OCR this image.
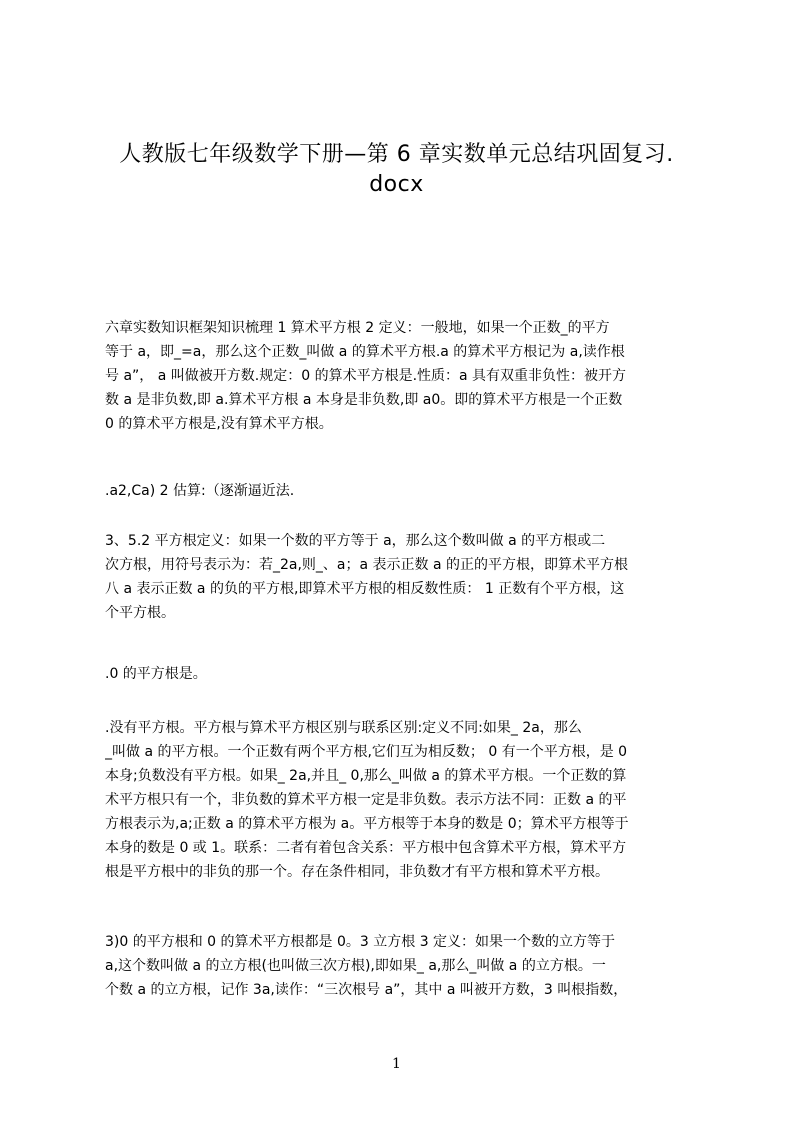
人教版七年级数学下册—第 6 章实数单元总结巩固复习.
docx
六章实数知识框架知识梳理 1 算术平方根 2 定义：一般地，如果一个正数_的平方
等于 a，即_=a，那么这个正数_叫做 a 的算术平方根.a 的算术平方根记为 a,读作根
号 a”， a 叫做被开方数.规定：0 的算术平方根是.性质：a 具有双重非负性：被开方
数 a 是非负数,即 a.算术平方根 a 本身是非负数,即 a0。即的算术平方根是一个正数
0 的算术平方根是,没有算术平方根。
.a2,Ca) 2 估算:（逐渐逼近法.
3、5.2 平方根定义：如果一个数的平方等于 a，那么这个数叫做 a 的平方根或二
次方根，用符号表示为：若_2a,则_、a；a 表示正数 a 的正的平方根，即算术平方根
八 a 表示正数 a 的负的平方根,即算术平方根的相反数性质： 1 正数有个平方根，这
个平方根。
.0 的平方根是。
.没有平方根。平方根与算术平方根区别与联系区别:定义不同:如果_ 2a，那么
_叫做 a 的平方根。一个正数有两个平方根,它们互为相反数； 0 有一个平方根，是 0
本身;负数没有平方根。如果_ 2a,并且_ 0,那么_叫做 a 的算术平方根。一个正数的算
术平方根只有一个，非负数的算术平方根一定是非负数。表示方法不同：正数 a 的平
方根表示为,a;正数 a 的算术平方根为 a。平方根等于本身的数是 0；算术平方根等于
本身的数是 0 或 1。联系：二者有着包含关系：平方根中包含算术平方根，算术平方
根是平方根中的非负的那一个。存在条件相同，非负数才有平方根和算术平方根。
3)0 的平方根和 0 的算术平方根都是 0。3 立方根 3 定义：如果一个数的立方等于
a,这个数叫做 a 的立方根(也叫做三次方根),即如果_ a,那么_叫做 a 的立方根。一
个数 a 的立方根，记作 3a,读作：“三次根号 a”，其中 a 叫被开方数，3 叫根指数，
1
